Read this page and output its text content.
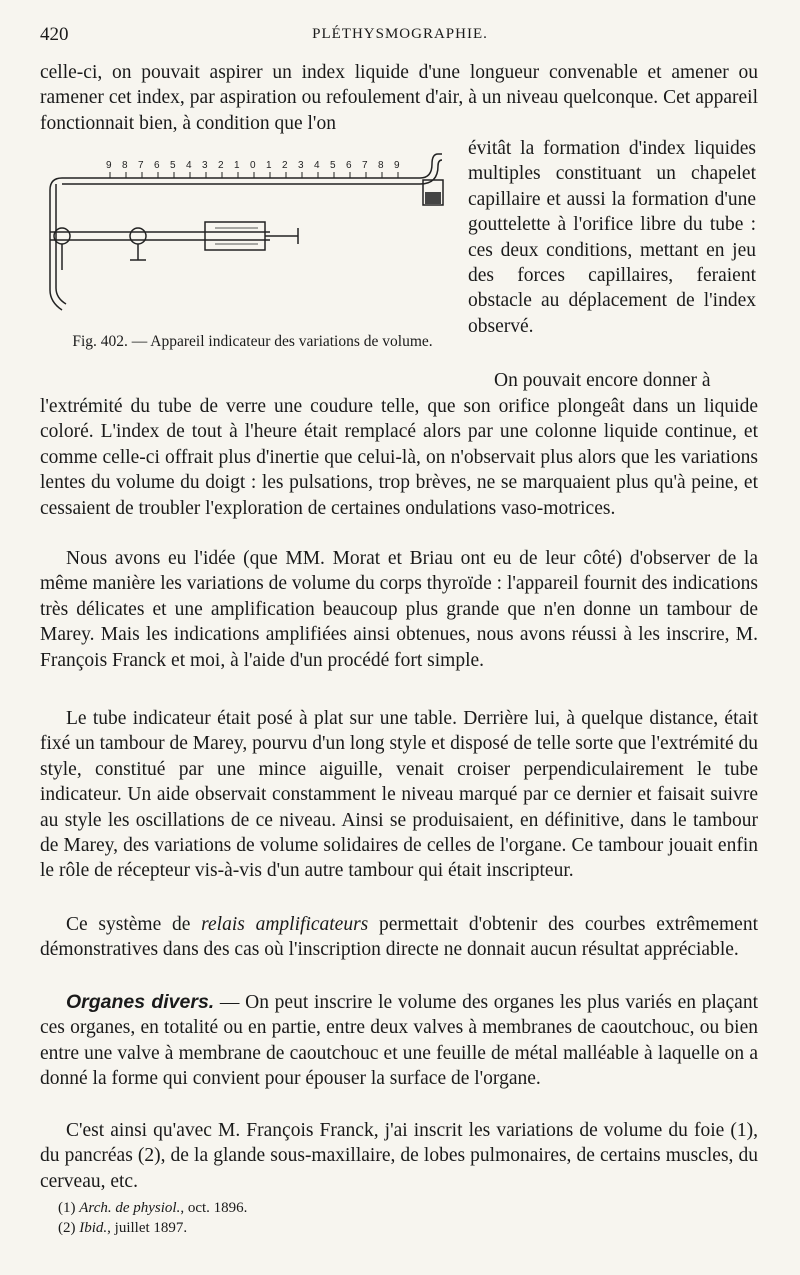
420	PLÉTHYSMOGRAPHIE.

celle-ci, on pouvait aspirer un index liquide d'une longueur convenable et amener ou ramener cet index, par aspiration ou refoulement d'air, à un niveau quelconque. Cet appareil fonctionnait bien, à condition que l'on

9 8 7 6 5 4 3 2 1 0 1 2 3 4 5 6 7 8 9
Fig. 402. — Appareil indicateur des variations de volume.

évitât la formation d'index liquides multiples constituant un chapelet capillaire et aussi la formation d'une gouttelette à l'orifice libre du tube : ces deux conditions, mettant en jeu des forces capillaires, feraient obstacle au déplacement de l'index observé.

On pouvait encore donner à

l'extrémité du tube de verre une coudure telle, que son orifice plongeât dans un liquide coloré. L'index de tout à l'heure était remplacé alors par une colonne liquide continue, et comme celle-ci offrait plus d'inertie que celui-là, on n'observait plus alors que les variations lentes du volume du doigt : les pulsations, trop brèves, ne se marquaient plus qu'à peine, et cessaient de troubler l'exploration de certaines ondulations vaso-motrices.

Nous avons eu l'idée (que MM. Morat et Briau ont eu de leur côté) d'observer de la même manière les variations de volume du corps thyroïde : l'appareil fournit des indications très délicates et une amplification beaucoup plus grande que n'en donne un tambour de Marey. Mais les indications amplifiées ainsi obtenues, nous avons réussi à les inscrire, M. François Franck et moi, à l'aide d'un procédé fort simple.

Le tube indicateur était posé à plat sur une table. Derrière lui, à quelque distance, était fixé un tambour de Marey, pourvu d'un long style et disposé de telle sorte que l'extrémité du style, constitué par une mince aiguille, venait croiser perpendiculairement le tube indicateur. Un aide observait constamment le niveau marqué par ce dernier et faisait suivre au style les oscillations de ce niveau. Ainsi se produisaient, en définitive, dans le tambour de Marey, des variations de volume solidaires de celles de l'organe. Ce tambour jouait enfin le rôle de récepteur vis-à-vis d'un autre tambour qui était inscripteur.

Ce système de relais amplificateurs permettait d'obtenir des courbes extrêmement démonstratives dans des cas où l'inscription directe ne donnait aucun résultat appréciable.

Organes divers. — On peut inscrire le volume des organes les plus variés en plaçant ces organes, en totalité ou en partie, entre deux valves à membranes de caoutchouc, ou bien entre une valve à membrane de caoutchouc et une feuille de métal malléable à laquelle on a donné la forme qui convient pour épouser la surface de l'organe.

C'est ainsi qu'avec M. François Franck, j'ai inscrit les variations de volume du foie (1), du pancréas (2), de la glande sous-maxillaire, de lobes pulmonaires, de certains muscles, du cerveau, etc.

(1) Arch. de physiol., oct. 1896.
(2) Ibid., juillet 1897.
